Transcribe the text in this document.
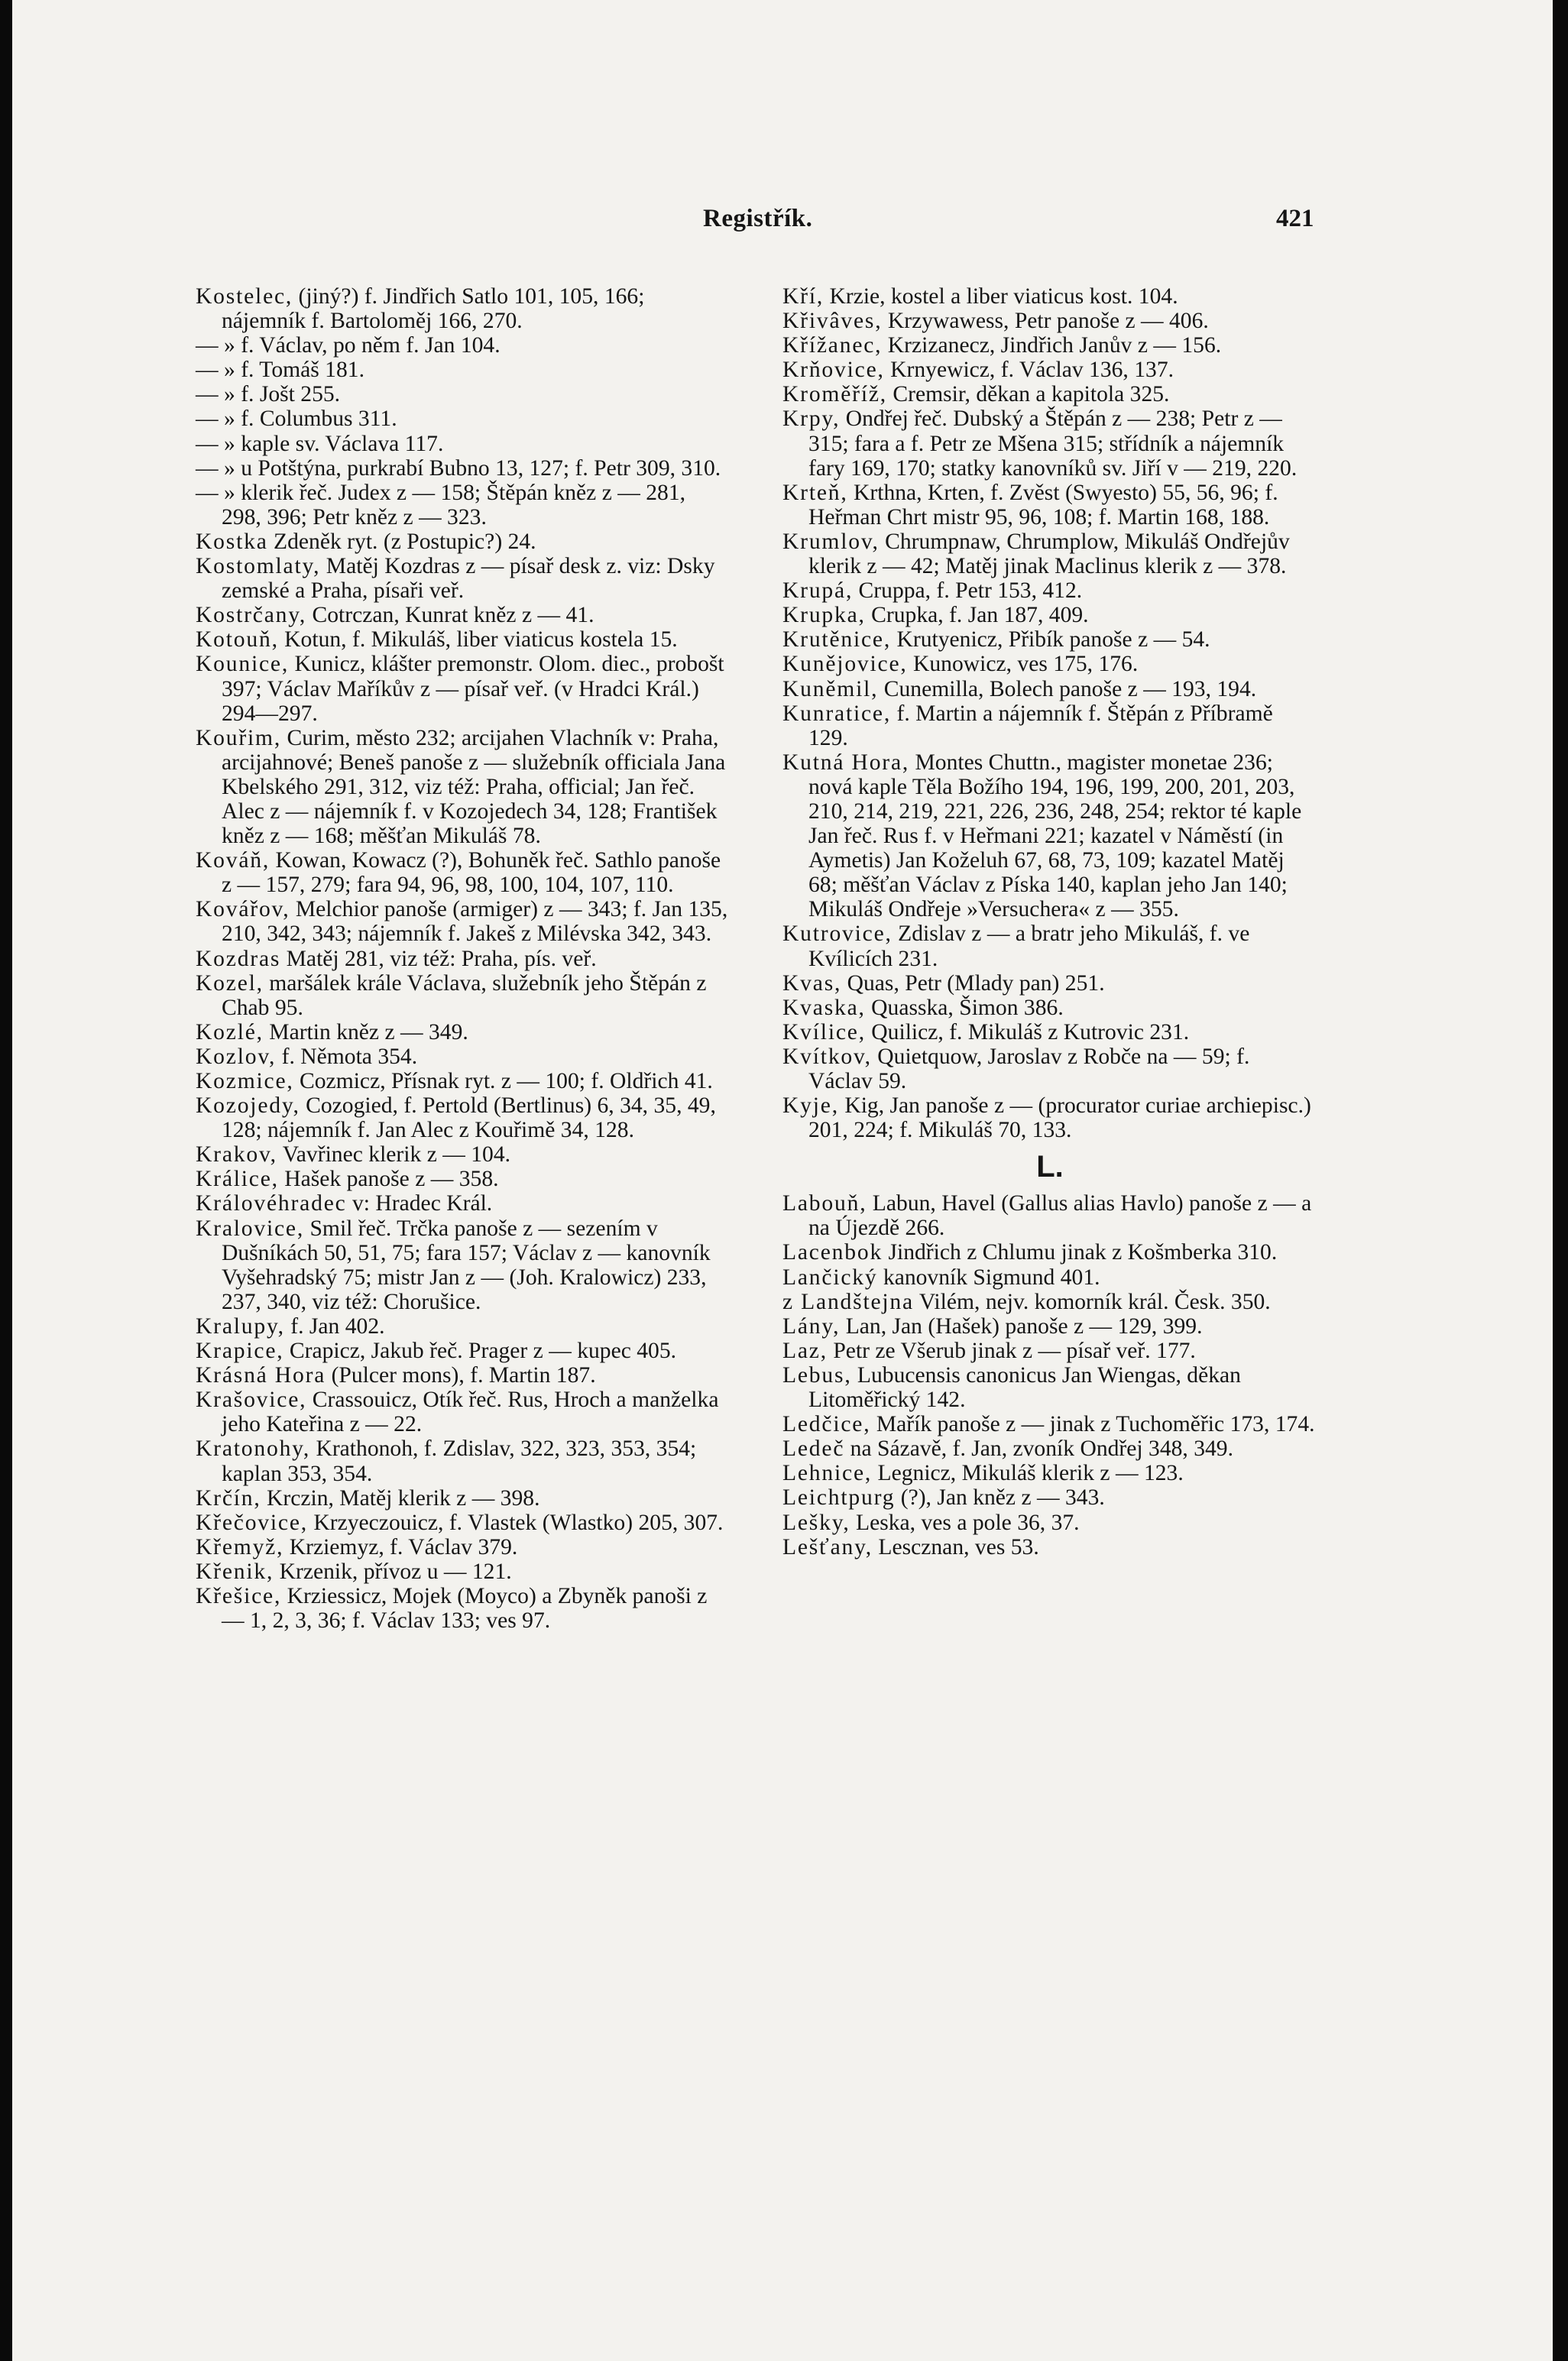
Registřík.	421
Kostelec, (jiný?) f. Jindřich Satlo 101, 105, 166; nájemník f. Bartoloměj 166, 270.
— » f. Václav, po něm f. Jan 104.
— » f. Tomáš 181.
— » f. Jošt 255.
— » f. Columbus 311.
— » kaple sv. Václava 117.
— » u Potštýna, purkrabí Bubno 13, 127; f. Petr 309, 310.
— » klerik řeč. Judex z — 158; Štěpán kněz z — 281, 298, 396; Petr kněz z — 323.
Kostka Zdeněk ryt. (z Postupic?) 24.
Kostomlaty, Matěj Kozdras z — písař desk z. viz: Dsky zemské a Praha, písaři veř.
Kostrčany, Cotrczan, Kunrat kněz z — 41.
Kotouň, Kotun, f. Mikuláš, liber viaticus kostela 15.
Kounice, Kunicz, klášter premonstr. Olom. diec., probošt 397; Václav Maříkův z — písař veř. (v Hradci Král.) 294—297.
Kouřim, Curim, město 232; arcijahen Vlachník v: Praha, arcijahnové; Beneš panoše z — služebník officiala Jana Kbelského 291, 312, viz též: Praha, official; Jan řeč. Alec z — nájemník f. v Kozojedech 34, 128; František kněz z — 168; měšťan Mikuláš 78.
Kováň, Kowan, Kowacz (?), Bohuněk řeč. Sathlo panoše z — 157, 279; fara 94, 96, 98, 100, 104, 107, 110.
Kovářov, Melchior panoše (armiger) z — 343; f. Jan 135, 210, 342, 343; nájemník f. Jakeš z Milévska 342, 343.
Kozdras Matěj 281, viz též: Praha, pís. veř.
Kozel, maršálek krále Václava, služebník jeho Štěpán z Chab 95.
Kozlé, Martin kněz z — 349.
Kozlov, f. Němota 354.
Kozmice, Cozmicz, Přísnak ryt. z — 100; f. Oldřich 41.
Kozojedy, Cozogied, f. Pertold (Bertlinus) 6, 34, 35, 49, 128; nájemník f. Jan Alec z Kouřimě 34, 128.
Krakov, Vavřinec klerik z — 104.
Králice, Hašek panoše z — 358.
Královéhradec v: Hradec Král.
Kralovice, Smil řeč. Trčka panoše z — sezením v Dušníkách 50, 51, 75; fara 157; Václav z — kanovník Vyšehradský 75; mistr Jan z — (Joh. Kralowicz) 233, 237, 340, viz též: Chorušice.
Kralupy, f. Jan 402.
Krapice, Crapicz, Jakub řeč. Prager z — kupec 405.
Krásná Hora (Pulcer mons), f. Martin 187.
Krašovice, Crassouicz, Otík řeč. Rus, Hroch a manželka jeho Kateřina z — 22.
Kratonohy, Krathonoh, f. Zdislav, 322, 323, 353, 354; kaplan 353, 354.
Krčín, Krczin, Matěj klerik z — 398.
Křečovice, Krzyeczouicz, f. Vlastek (Wlastko) 205, 307.
Křemyž, Krziemyz, f. Václav 379.
Křenik, Krzenik, přívoz u — 121.
Křešice, Krziessicz, Mojek (Moyco) a Zbyněk panoši z — 1, 2, 3, 36; f. Václav 133; ves 97.
Kří, Krzie, kostel a liber viaticus kost. 104.
Křivâves, Krzywawess, Petr panoše z — 406.
Křížanec, Krzizanecz, Jindřich Janův z — 156.
Krňovice, Krnyewicz, f. Václav 136, 137.
Kroměříž, Cremsir, děkan a kapitola 325.
Krpy, Ondřej řeč. Dubský a Štěpán z — 238; Petr z — 315; fara a f. Petr ze Mšena 315; střídník a nájemník fary 169, 170; statky kanovníků sv. Jiří v — 219, 220.
Krteň, Krthna, Krten, f. Zvěst (Swyesto) 55, 56, 96; f. Heřman Chrt mistr 95, 96, 108; f. Martin 168, 188.
Krumlov, Chrumpnaw, Chrumplow, Mikuláš Ondřejův klerik z — 42; Matěj jinak Maclinus klerik z — 378.
Krupá, Cruppa, f. Petr 153, 412.
Krupka, Crupka, f. Jan 187, 409.
Krutěnice, Krutyenicz, Přibík panoše z — 54.
Kunějovice, Kunowicz, ves 175, 176.
Kuněmil, Cunemilla, Bolech panoše z — 193, 194.
Kunratice, f. Martin a nájemník f. Štěpán z Příbramě 129.
Kutná Hora, Montes Chuttn., magister monetae 236; nová kaple Těla Božího 194, 196, 199, 200, 201, 203, 210, 214, 219, 221, 226, 236, 248, 254; rektor té kaple Jan řeč. Rus f. v Heřmani 221; kazatel v Náměstí (in Aymetis) Jan Koželuh 67, 68, 73, 109; kazatel Matěj 68; měšťan Václav z Píska 140, kaplan jeho Jan 140; Mikuláš Ondřeje »Versuchera« z — 355.
Kutrovice, Zdislav z — a bratr jeho Mikuláš, f. ve Kvílicích 231.
Kvas, Quas, Petr (Mlady pan) 251.
Kvaska, Quasska, Šimon 386.
Kvílice, Quilicz, f. Mikuláš z Kutrovic 231.
Kvítkov, Quietquow, Jaroslav z Robče na — 59; f. Václav 59.
Kyje, Kig, Jan panoše z — (procurator curiae archiepisc.) 201, 224; f. Mikuláš 70, 133.
L.
Labouň, Labun, Havel (Gallus alias Havlo) panoše z — a na Újezdě 266.
Lacenbok Jindřich z Chlumu jinak z Košmberka 310.
Lančický kanovník Sigmund 401.
z Landštejna Vilém, nejv. komorník král. Česk. 350.
Lány, Lan, Jan (Hašek) panoše z — 129, 399.
Laz, Petr ze Všerub jinak z — písař veř. 177.
Lebus, Lubucensis canonicus Jan Wiengas, děkan Litoměřický 142.
Ledčice, Mařík panoše z — jinak z Tuchoměřic 173, 174.
Ledeč na Sázavě, f. Jan, zvoník Ondřej 348, 349.
Lehnice, Legnicz, Mikuláš klerik z — 123.
Leichtpurg (?), Jan kněz z — 343.
Lešky, Leska, ves a pole 36, 37.
Lešťany, Lescznan, ves 53.
